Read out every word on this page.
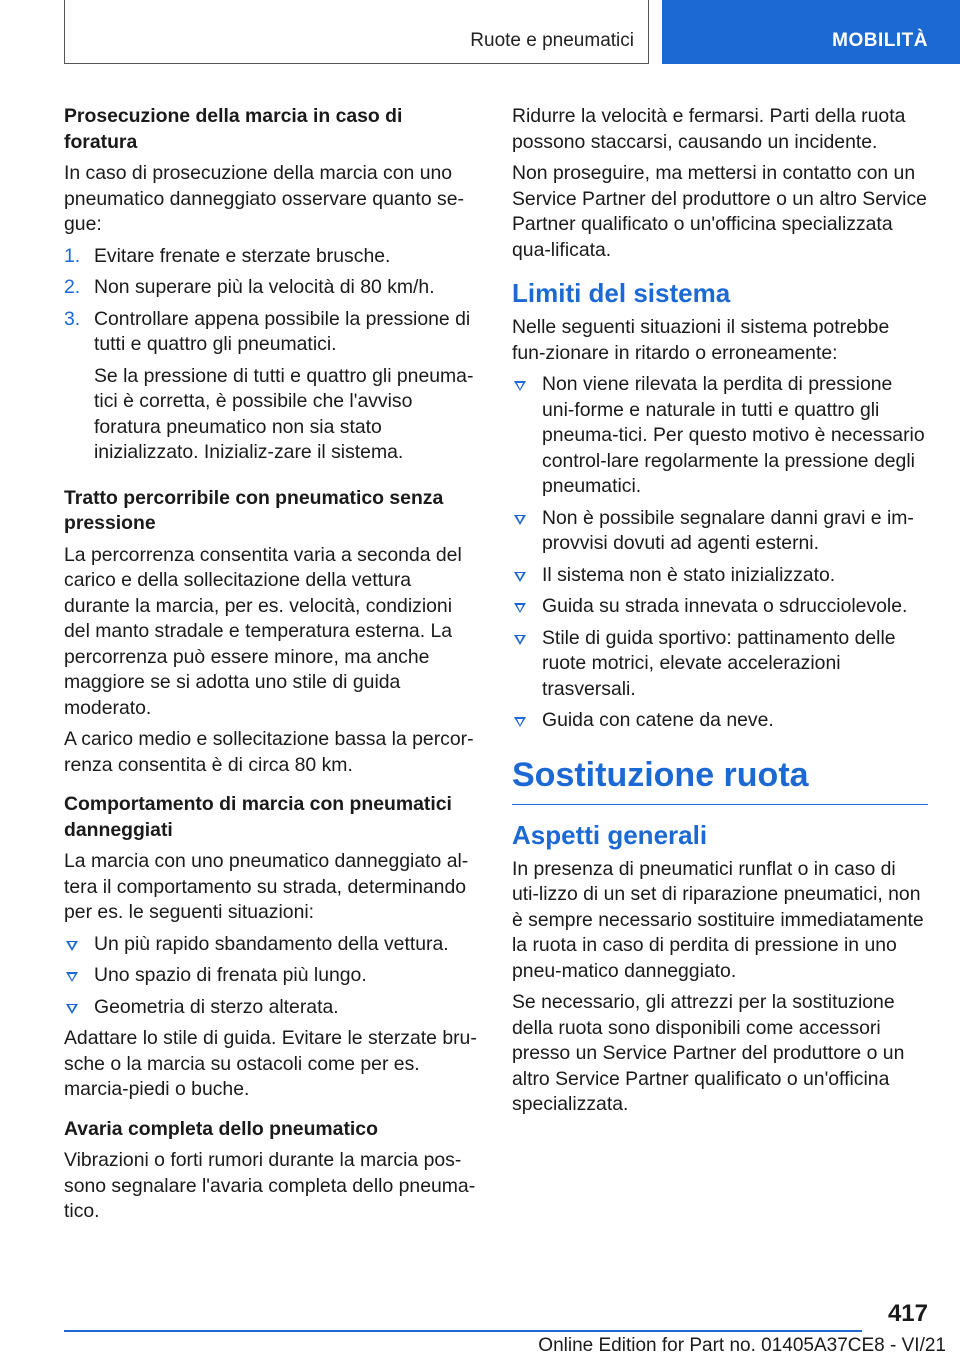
Ruote e pneumatici	MOBILITÀ

Prosecuzione della marcia in caso di foratura

In caso di prosecuzione della marcia con uno pneumatico danneggiato osservare quanto se-gue:

1. Evitare frenate e sterzate brusche.
2. Non superare più la velocità di 80 km/h.
3. Controllare appena possibile la pressione di tutti e quattro gli pneumatici.
Se la pressione di tutti e quattro gli pneuma-tici è corretta, è possibile che l'avviso foratura pneumatico non sia stato inizializzato. Inizializ-zare il sistema.

Tratto percorribile con pneumatico senza pressione

La percorrenza consentita varia a seconda del carico e della sollecitazione della vettura durante la marcia, per es. velocità, condizioni del manto stradale e temperatura esterna. La percorrenza può essere minore, ma anche maggiore se si adotta uno stile di guida moderato.

A carico medio e sollecitazione bassa la percor-renza consentita è di circa 80 km.

Comportamento di marcia con pneumatici danneggiati

La marcia con uno pneumatico danneggiato al-tera il comportamento su strada, determinando per es. le seguenti situazioni:

Un più rapido sbandamento della vettura.
Uno spazio di frenata più lungo.
Geometria di sterzo alterata.

Adattare lo stile di guida. Evitare le sterzate bru-sche o la marcia su ostacoli come per es. marcia-piedi o buche.

Avaria completa dello pneumatico

Vibrazioni o forti rumori durante la marcia pos-sono segnalare l'avaria completa dello pneuma-tico.

Ridurre la velocità e fermarsi. Parti della ruota possono staccarsi, causando un incidente.

Non proseguire, ma mettersi in contatto con un Service Partner del produttore o un altro Service Partner qualificato o un'officina specializzata qua-lificata.

Limiti del sistema

Nelle seguenti situazioni il sistema potrebbe fun-zionare in ritardo o erroneamente:

Non viene rilevata la perdita di pressione uni-forme e naturale in tutti e quattro gli pneuma-tici. Per questo motivo è necessario control-lare regolarmente la pressione degli pneumatici.
Non è possibile segnalare danni gravi e im-provvisi dovuti ad agenti esterni.
Il sistema non è stato inizializzato.
Guida su strada innevata o sdrucciolevole.
Stile di guida sportivo: pattinamento delle ruote motrici, elevate accelerazioni trasversali.
Guida con catene da neve.
Sostituzione ruota
Aspetti generali

In presenza di pneumatici runflat o in caso di uti-lizzo di un set di riparazione pneumatici, non è sempre necessario sostituire immediatamente la ruota in caso di perdita di pressione in uno pneu-matico danneggiato.

Se necessario, gli attrezzi per la sostituzione della ruota sono disponibili come accessori presso un Service Partner del produttore o un altro Service Partner qualificato o un'officina specializzata.

417
Online Edition for Part no. 01405A37CE8 - VI/21
